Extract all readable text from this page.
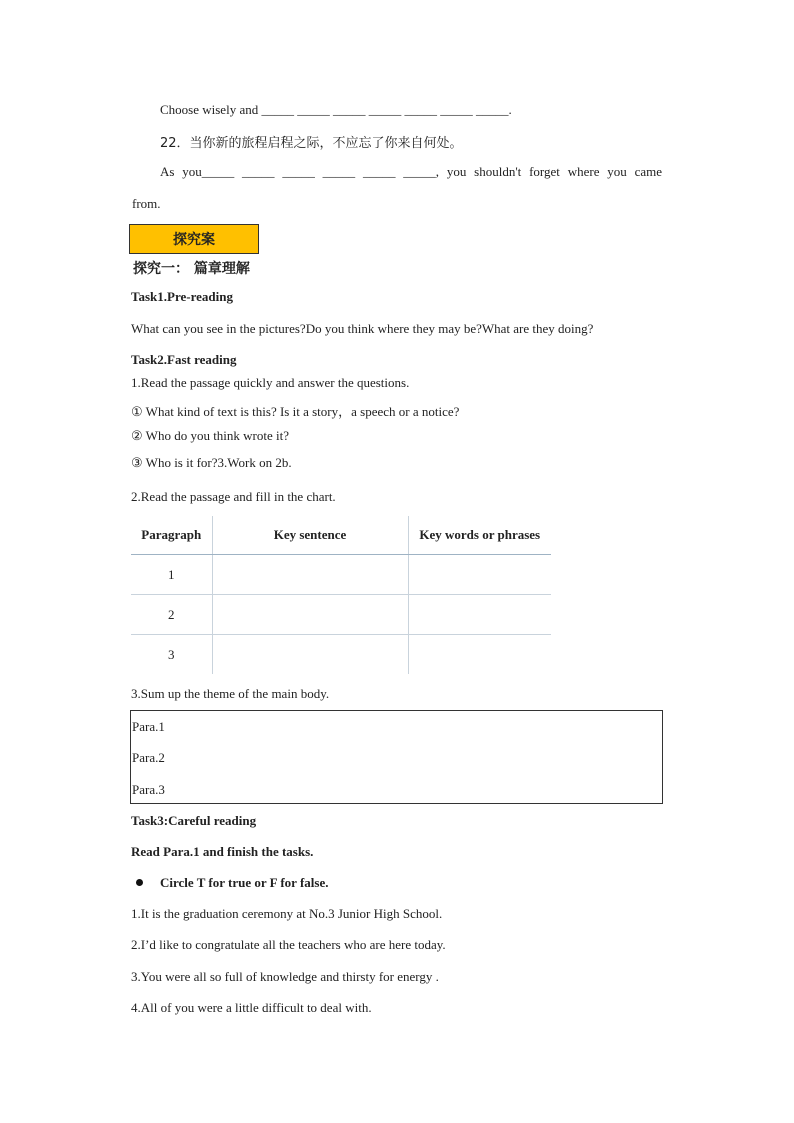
Choose wisely and _____ _____ _____ _____ _____ _____ _____.
22．当你新的旅程启程之际，不应忘了你来自何处。
As you_____ _____ _____ _____ _____ _____, you shouldn't forget where you came
from.
探究案
探究一： 篇章理解
Task1.Pre-reading
What can you see in the pictures?Do you think where they may be?What are they doing?
Task2.Fast reading
1.Read the passage quickly and answer the questions.
① What kind of text is this? Is it a story，a speech or a notice?
② Who do you think wrote it?
③ Who is it for?3.Work on 2b.
2.Read the passage and fill in the chart.
Paragraph	Key sentence	Key words or phrases
1		
2		
3		
3.Sum up the theme of the main body.
Para.1
Para.2
Para.3
Task3:Careful reading
Read Para.1 and finish the tasks.
Circle T for true or F for false.
1.It is the graduation ceremony at No.3 Junior High School.
2.I’d like to congratulate all the teachers who are here today.
3.You were all so full of knowledge and thirsty for energy .
4.All of you were a little difficult to deal with.
